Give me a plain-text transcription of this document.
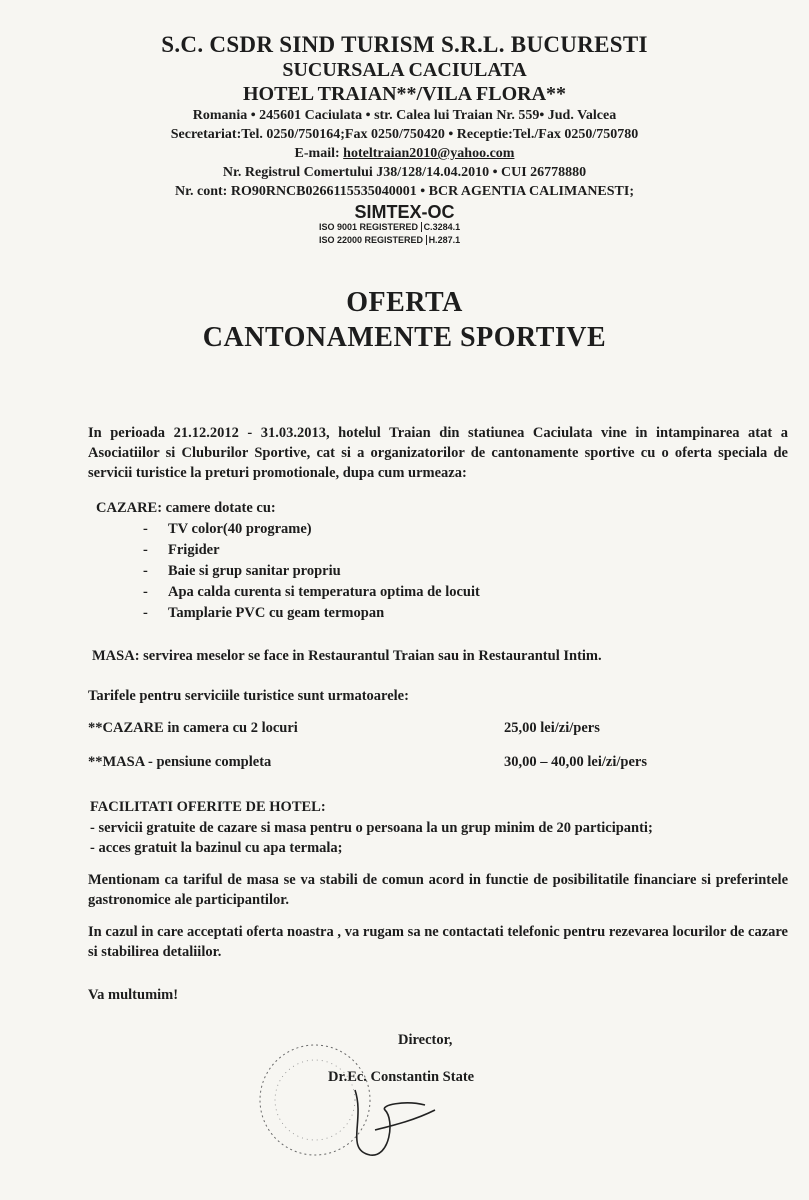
S.C. CSDR SIND TURISM S.R.L. BUCURESTI
SUCURSALA CACIULATA
HOTEL TRAIAN**/VILA FLORA**
Romania • 245601 Caciulata • str. Calea lui Traian Nr. 559• Jud. Valcea
Secretariat:Tel. 0250/750164;Fax 0250/750420 • Receptie:Tel./Fax 0250/750780
E-mail: hoteltraian2010@yahoo.com
Nr. Registrul Comertului J38/128/14.04.2010 • CUI 26778880
Nr. cont: RO90RNCB0266115535040001 • BCR AGENTIA CALIMANESTI;
SIMTEX-OC
ISO 9001 REGISTERED C.3284.1
ISO 22000 REGISTERED H.287.1
OFERTA
CANTONAMENTE SPORTIVE
In perioada 21.12.2012 - 31.03.2013, hotelul Traian din statiunea Caciulata vine in intampinarea atat a Asociatiilor si Cluburilor Sportive, cat si a organizatorilor de cantonamente sportive cu o oferta speciala de servicii turistice la preturi promotionale, dupa cum urmeaza:
CAZARE: camere dotate cu:
- TV color(40 programe)
- Frigider
- Baie si grup sanitar propriu
- Apa calda curenta si temperatura optima de locuit
- Tamplarie PVC cu geam termopan
MASA: servirea meselor se face in Restaurantul Traian sau in Restaurantul Intim.
Tarifele pentru serviciile turistice sunt urmatoarele:
**CAZARE in camera cu 2 locuri	25,00 lei/zi/pers
**MASA - pensiune completa	30,00 – 40,00 lei/zi/pers
FACILITATI OFERITE DE HOTEL:
- servicii gratuite de cazare si masa pentru o persoana la un grup minim de 20 participanti;
- acces gratuit la bazinul cu apa termala;
Mentionam ca tariful de masa se va stabili de comun acord in functie de posibilitatile financiare si preferintele gastronomice ale participantilor.
In cazul in care acceptati oferta noastra , va rugam sa ne contactati telefonic pentru rezevarea locurilor de cazare si stabilirea detaliilor.
Va multumim!
Director,
Dr.Ec. Constantin State
